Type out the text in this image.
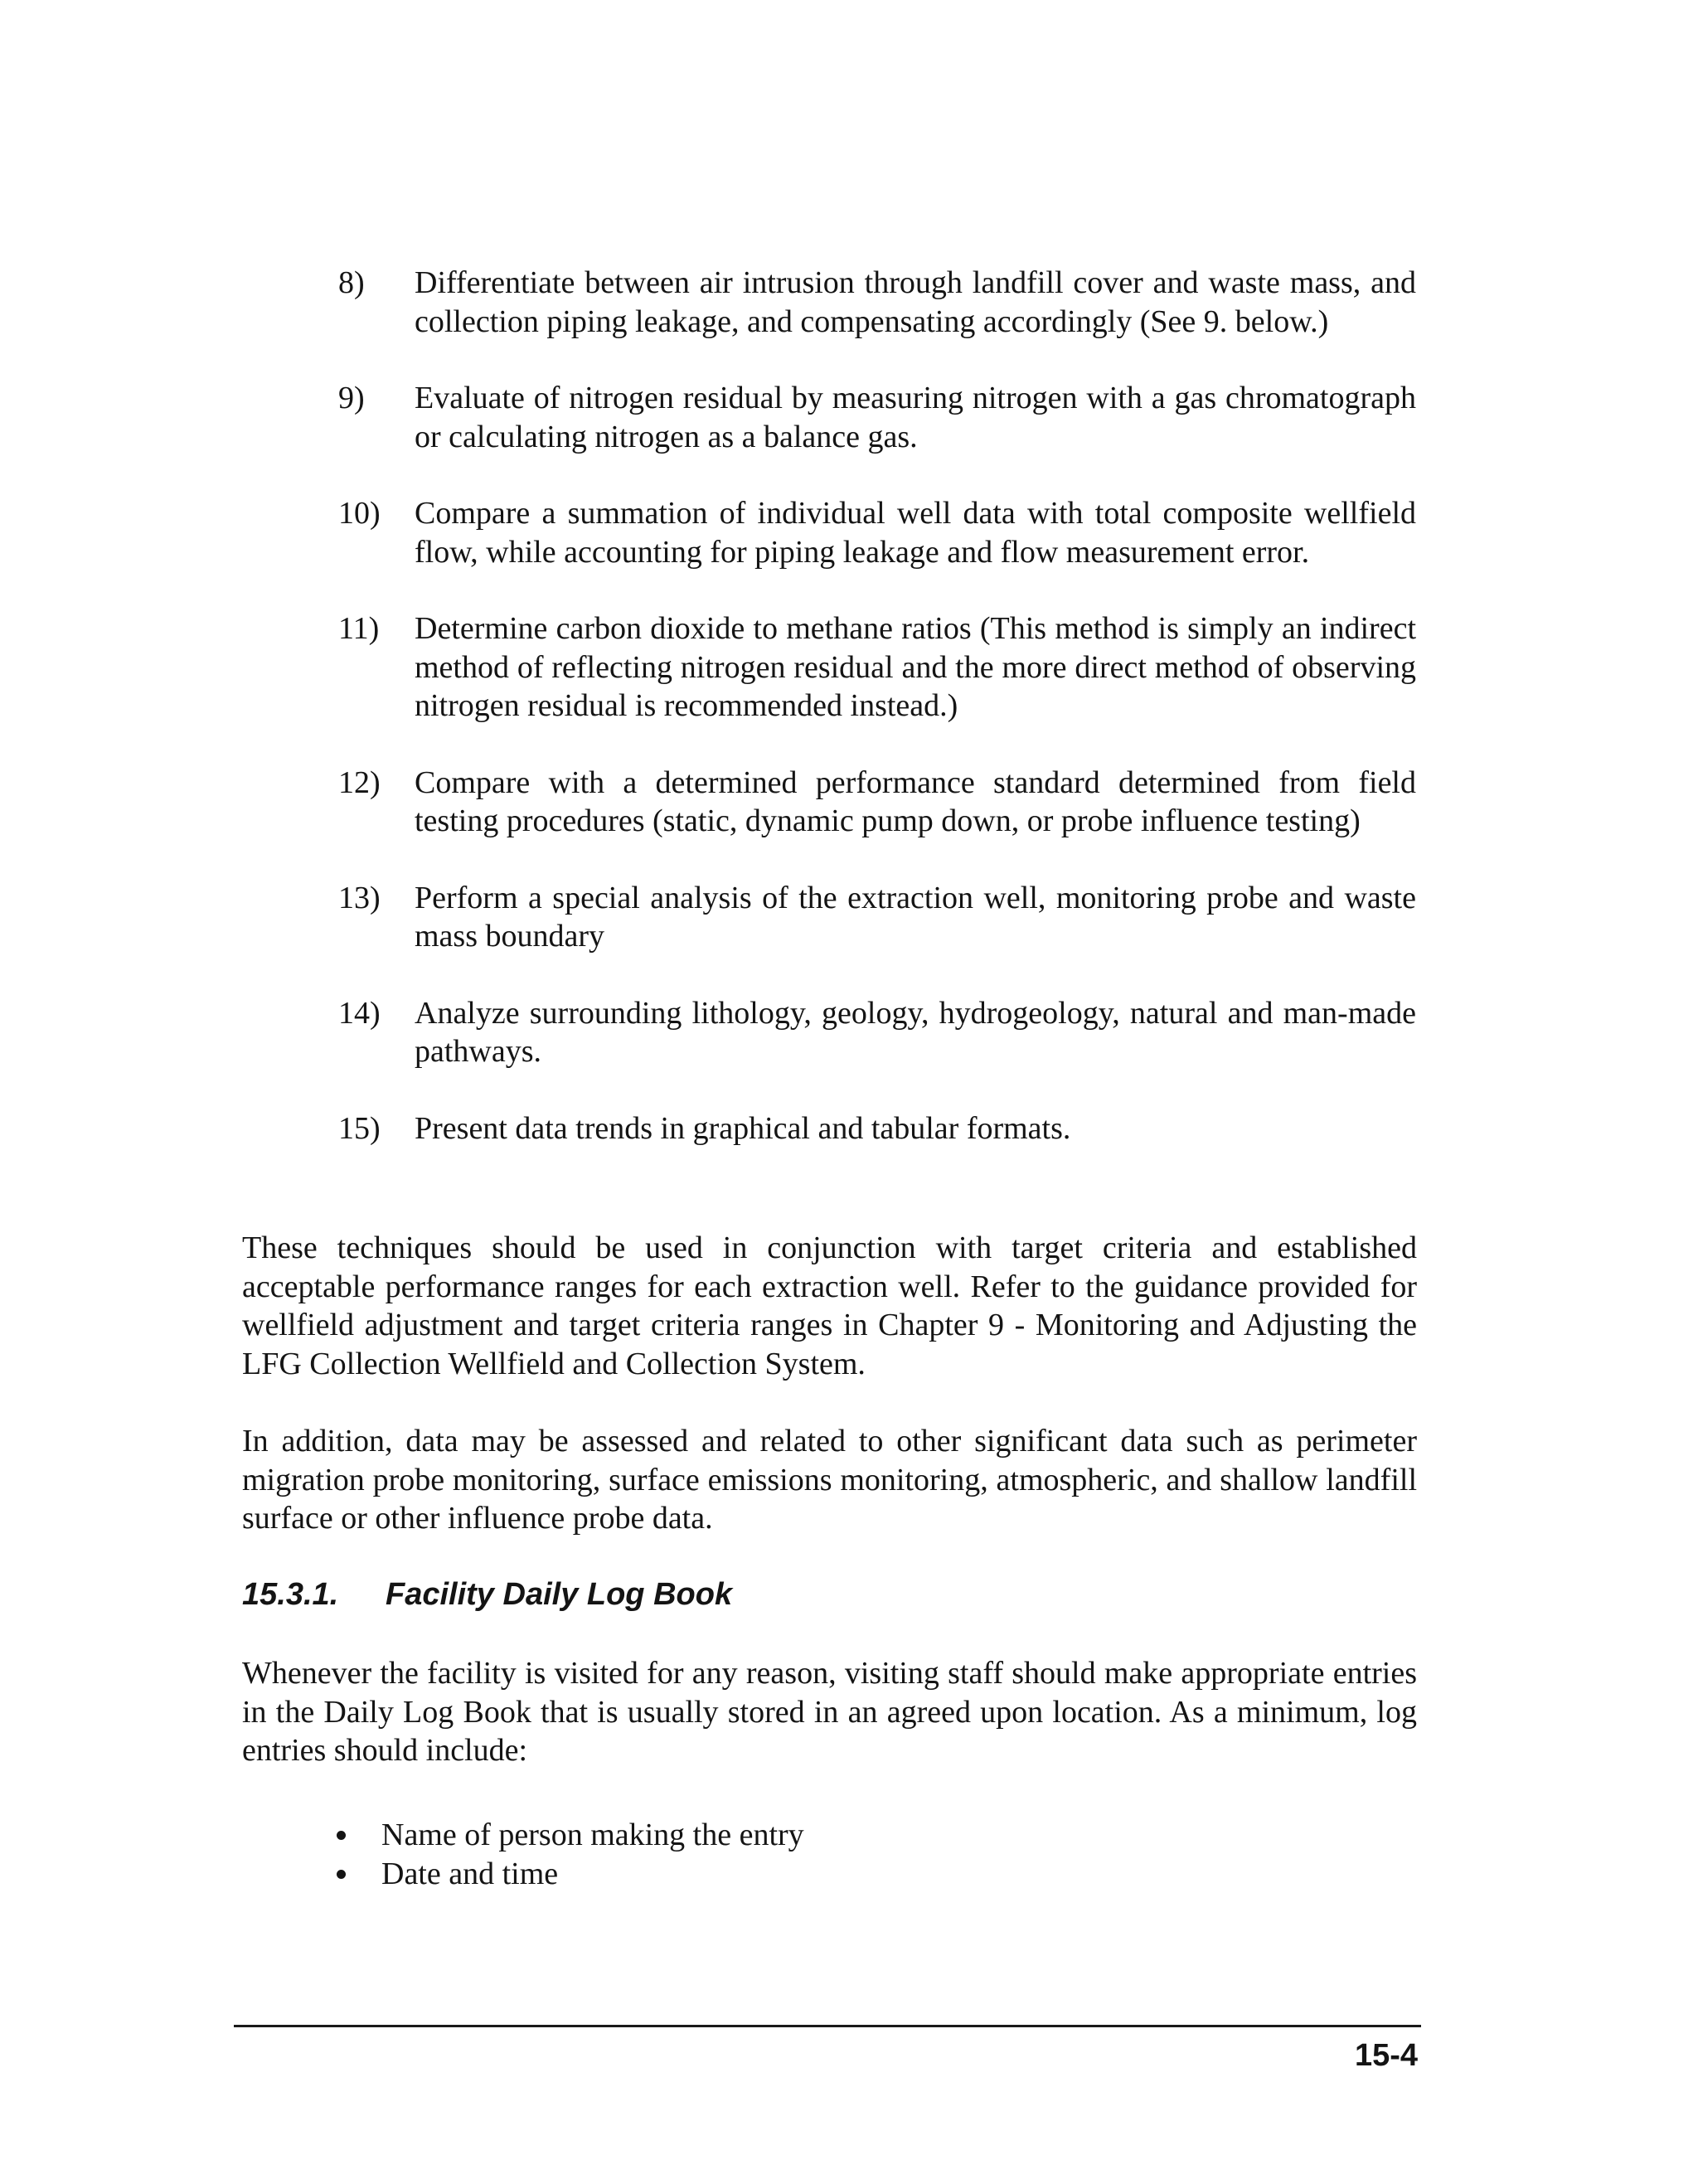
8) Differentiate between air intrusion through landfill cover and waste mass, and collection piping leakage, and compensating accordingly (See 9. below.)
9) Evaluate of nitrogen residual by measuring nitrogen with a gas chromatograph or calculating nitrogen as a balance gas.
10) Compare a summation of individual well data with total composite wellfield flow, while accounting for piping leakage and flow measurement error.
11) Determine carbon dioxide to methane ratios (This method is simply an indirect method of reflecting nitrogen residual and the more direct method of observing nitrogen residual is recommended instead.)
12) Compare with a determined performance standard determined from field testing procedures (static, dynamic pump down, or probe influence testing)
13) Perform a special analysis of the extraction well, monitoring probe and waste mass boundary
14) Analyze surrounding lithology, geology, hydrogeology, natural and man-made pathways.
15) Present data trends in graphical and tabular formats.

These techniques should be used in conjunction with target criteria and established acceptable performance ranges for each extraction well. Refer to the guidance provided for wellfield adjustment and target criteria ranges in Chapter 9 - Monitoring and Adjusting the LFG Collection Wellfield and Collection System.

In addition, data may be assessed and related to other significant data such as perimeter migration probe monitoring, surface emissions monitoring, atmospheric, and shallow landfill surface or other influence probe data.

15.3.1. Facility Daily Log Book

Whenever the facility is visited for any reason, visiting staff should make appropriate entries in the Daily Log Book that is usually stored in an agreed upon location. As a minimum, log entries should include:

Name of person making the entry
Date and time

15-4
